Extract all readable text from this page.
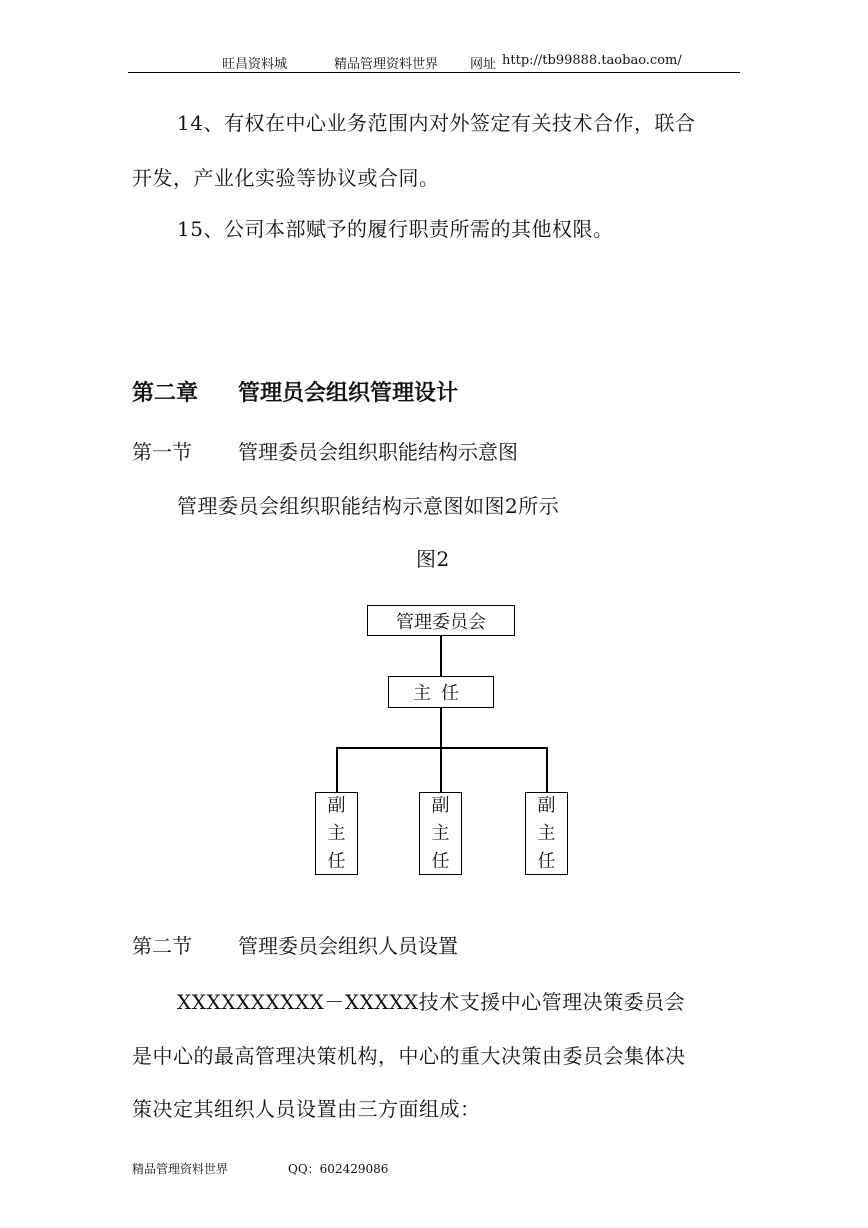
旺昌资料城	精品管理资料世界 网址 http://tb99888.taobao.com/
14、有权在中心业务范围内对外签定有关技术合作，联合
开发，产业化实验等协议或合同。
15、公司本部赋予的履行职责所需的其他权限。
第二章 管理员会组织管理设计
第一节 管理委员会组织职能结构示意图
管理委员会组织职能结构示意图如图2所示
图2
管理委员会
主任
副
主
任
副
主
任
副
主
任
第二节 管理委员会组织人员设置
XXXXXXXXXX－XXXXX技术支援中心管理决策委员会
是中心的最高管理决策机构，中心的重大决策由委员会集体决
策决定其组织人员设置由三方面组成：
精品管理资料世界	QQ：602429086
